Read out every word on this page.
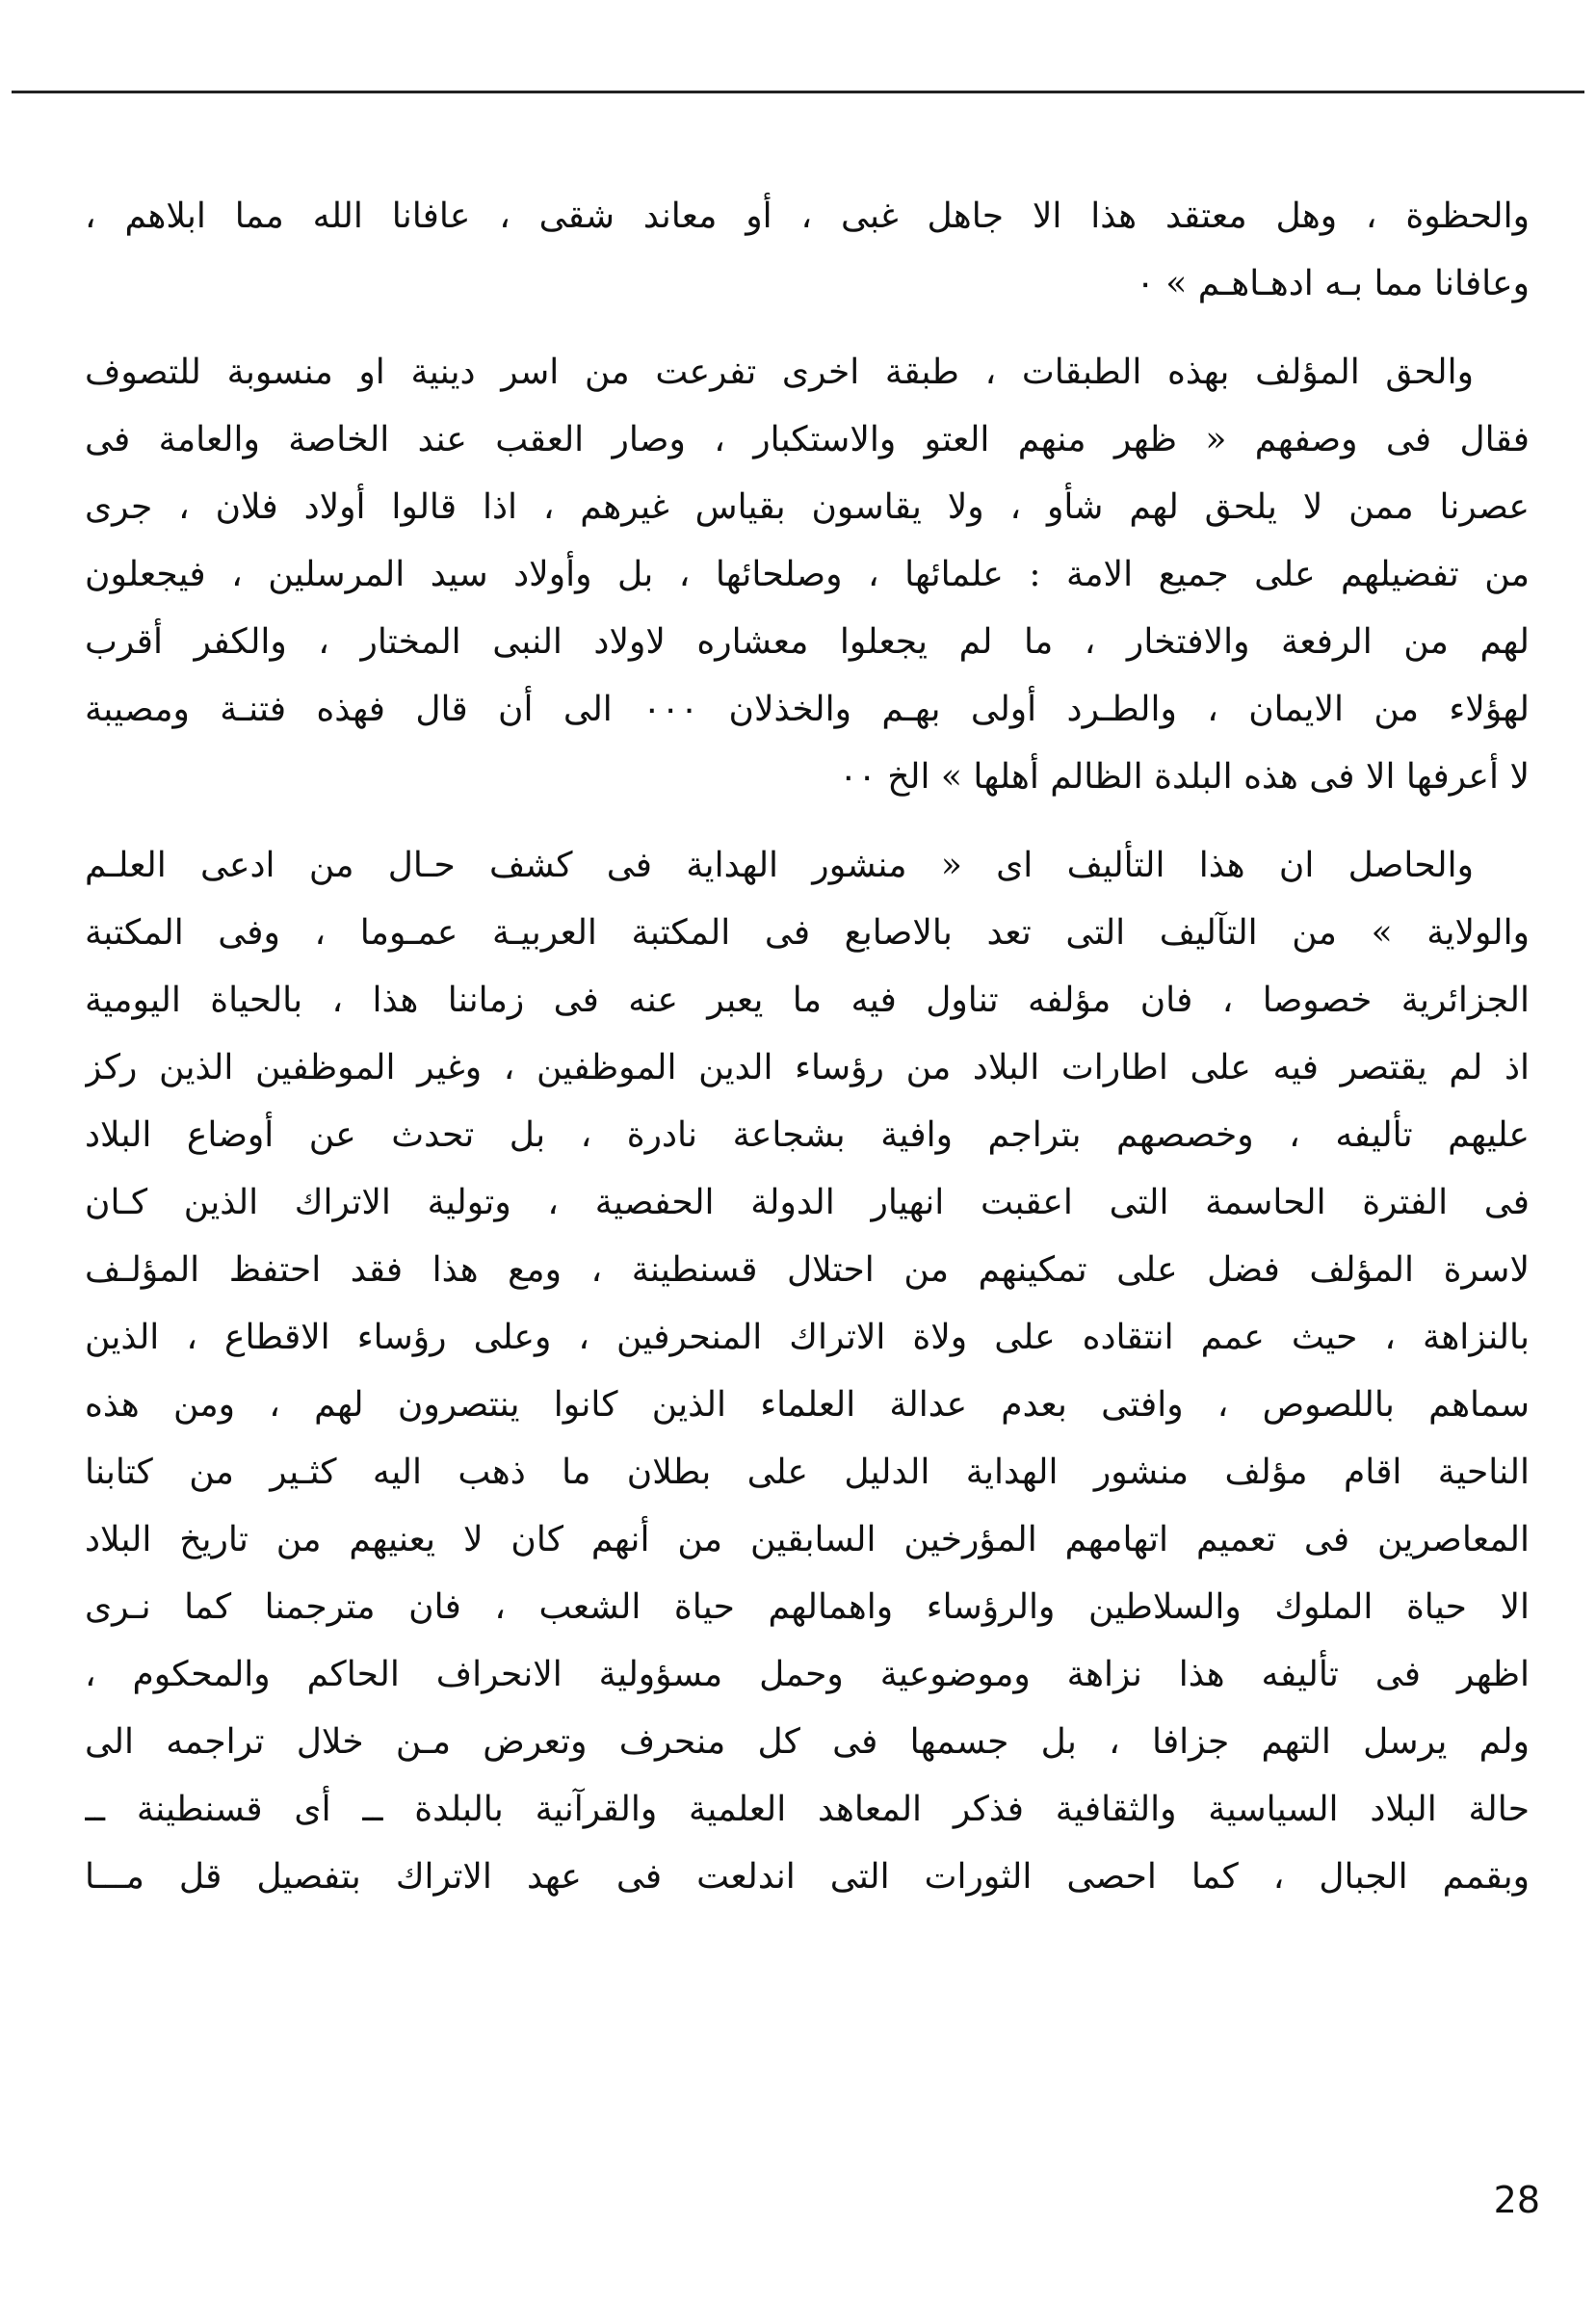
والحظوة ، وهل معتقد هذا الا جاهل غبى ، أو معاند شقى ، عافانا الله مما ابلاهم ،
وعافانا مما بـه ادهـاهـم » ٠
والحق المؤلف بهذه الطبقات ، طبقة اخرى تفرعت من اسر دينية او منسوبة للتصوف
فقال فى وصفهم « ظهر منهم العتو والاستكبار ، وصار العقب عند الخاصة والعامة فى
عصرنا ممن لا يلحق لهم شأو ، ولا يقاسون بقياس غيرهم ، اذا قالوا أولاد فلان ، جرى
من تفضيلهم على جميع الامة : علمائها ، وصلحائها ، بل وأولاد سيد المرسلين ، فيجعلون
لهم من الرفعة والافتخار ، ما لم يجعلوا معشاره لاولاد النبى المختار ، والكفر أقرب
لهؤلاء من الايمان ، والطـرد أولى بهـم والخذلان ٠٠٠ الى أن قال فهذه فتنـة ومصيبة
لا أعرفها الا فى هذه البلدة الظالم أهلها » الخ ٠٠
والحاصل ان هذا التأليف اى « منشور الهداية فى كشف حـال من ادعى العلـم
والولاية » من التآليف التى تعد بالاصابع فى المكتبة العربيـة عمـوما ، وفى المكتبة
الجزائرية خصوصا ، فان مؤلفه تناول فيه ما يعبر عنه فى زماننا هذا ، بالحياة اليومية
اذ لم يقتصر فيه على اطارات البلاد من رؤساء الدين الموظفين ، وغير الموظفين الذين ركز
عليهم تأليفه ، وخصصهم بتراجم وافية بشجاعة نادرة ، بل تحدث عن أوضاع البلاد
فى الفترة الحاسمة التى اعقبت انهيار الدولة الحفصية ، وتولية الاتراك الذين كـان
لاسرة المؤلف فضل على تمكينهم من احتلال قسنطينة ، ومع هذا فقد احتفظ المؤلـف
بالنزاهة ، حيث عمم انتقاده على ولاة الاتراك المنحرفين ، وعلى رؤساء الاقطاع ، الذين
سماهم باللصوص ، وافتى بعدم عدالة العلماء الذين كانوا ينتصرون لهم ، ومن هذه
الناحية اقام مؤلف منشور الهداية الدليل على بطلان ما ذهب اليه كثـير من كتابنا
المعاصرين فى تعميم اتهامهم المؤرخين السابقين من أنهم كان لا يعنيهم من تاريخ البلاد
الا حياة الملوك والسلاطين والرؤساء واهمالهم حياة الشعب ، فان مترجمنا كما نـرى
اظهر فى تأليفه هذا نزاهة وموضوعية وحمل مسؤولية الانحراف الحاكم والمحكوم ،
ولم يرسل التهم جزافا ، بل جسمها فى كل منحرف وتعرض مـن خلال تراجمه الى
حالة البلاد السياسية والثقافية فذكر المعاهد العلمية والقرآنية بالبلدة ــ أى قسنطينة ــ
وبقمم الجبال ، كما احصى الثورات التى اندلعت فى عهد الاتراك بتفصيل قل مـــا
28
